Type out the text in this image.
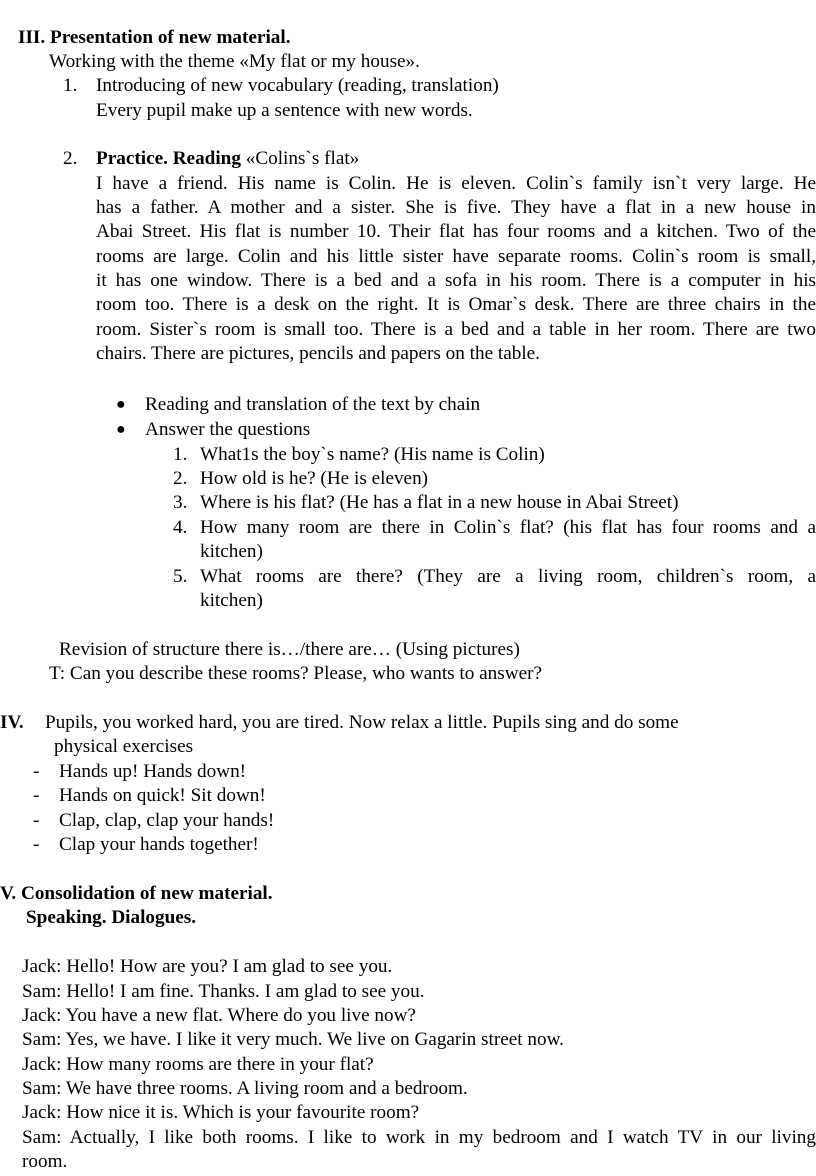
III. Presentation of new material.
Working with the theme «My flat or my house».
1. Introducing of new vocabulary (reading, translation)
Every pupil make up a sentence with new words.
2. Practice. Reading «Colins`s flat»
I have a friend. His name is Colin. He is eleven. Colin`s family isn`t very large. He
has a father. A mother and a sister. She is five. They have a flat in a new house in
Abai Street. His flat is number 10. Their flat has four rooms and a kitchen. Two of the
rooms are large. Colin and his little sister have separate rooms. Colin`s room is small,
it has one window. There is a bed and a sofa in his room. There is a computer in his
room too. There is a desk on the right. It is Omar`s desk. There are three chairs in the
room. Sister`s room is small too. There is a bed and a table in her room. There are two
chairs. There are pictures, pencils and papers on the table.
● Reading and translation of the text by chain
● Answer the questions
1. What1s the boy`s name? (His name is Colin)
2. How old is he? (He is eleven)
3. Where is his flat? (He has a flat in a new house in Abai Street)
4. How many room are there in Colin`s flat? (his flat has four rooms and a
kitchen)
5. What rooms are there? (They are a living room, children`s room, a
kitchen)
Revision of structure there is…/there are… (Using pictures)
T: Can you describe these rooms? Please, who wants to answer?
IV. Pupils, you worked hard, you are tired. Now relax a little. Pupils sing and do some
physical exercises
- Hands up! Hands down!
- Hands on quick! Sit down!
- Clap, clap, clap your hands!
- Clap your hands together!
V. Consolidation of new material.
Speaking. Dialogues.
Jack: Hello! How are you? I am glad to see you.
Sam: Hello! I am fine. Thanks. I am glad to see you.
Jack: You have a new flat. Where do you live now?
Sam: Yes, we have. I like it very much. We live on Gagarin street now.
Jack: How many rooms are there in your flat?
Sam: We have three rooms. A living room and a bedroom.
Jack: How nice it is. Which is your favourite room?
Sam: Actually, I like both rooms. I like to work in my bedroom and I watch TV in our living
room.
